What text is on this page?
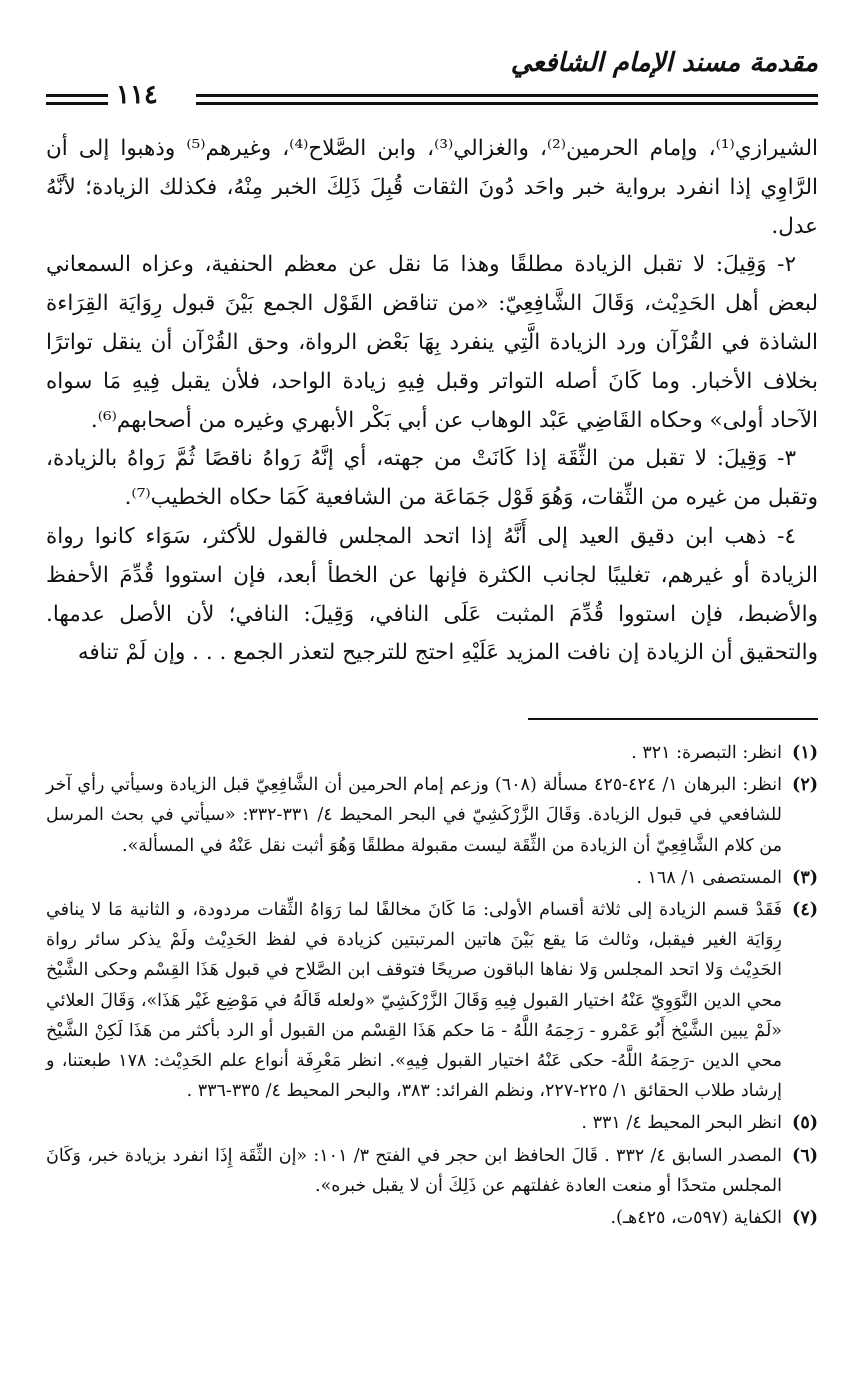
مقدمة مسند الإمام الشافعي
١١٤

الشيرازي⁽¹⁾، وإمام الحرمين⁽²⁾، والغزالي⁽³⁾، وابن الصَّلاح⁽⁴⁾، وغيرهم⁽⁵⁾ وذهبوا إلى أن الرَّاوِي إذا انفرد برواية خبر واحَد دُونَ الثقات قُبِلَ ذَلِكَ الخبر مِنْهُ، فكذلك الزيادة؛ لأنَّهُ عدل.

٢- وَقِيلَ: لا تقبل الزيادة مطلقًا وهذا مَا نقل عن معظم الحنفية، وعزاه السمعاني لبعض أهل الحَدِيْث، وَقَالَ الشَّافِعِيّ: «من تناقض القَوْل الجمع بَيْنَ قبول رِوَايَة القِرَاءة الشاذة في القُرْآن ورد الزيادة الَّتِي ينفرد بِهَا بَعْض الرواة، وحق القُرْآن أن ينقل تواترًا بخلاف الأخبار. وما كَانَ أصله التواتر وقبل فِيهِ زيادة الواحد، فلأن يقبل فِيهِ مَا سواه الآحاد أولى» وحكاه القَاضِي عَبْد الوهاب عن أبي بَكْر الأبهري وغيره من أصحابهم⁽⁶⁾.

٣- وَقِيلَ: لا تقبل من الثِّقَة إذا كَانَتْ من جهته، أي إنَّهُ رَواهُ ناقصًا ثُمَّ رَواهُ بالزيادة، وتقبل من غيره من الثِّقات، وَهُوَ قَوْل جَمَاعَة من الشافعية كَمَا حكاه الخطيب⁽⁷⁾.

٤- ذهب ابن دقيق العيد إلى أَنَّهُ إذا اتحد المجلس فالقول للأكثر، سَوَاء كانوا رواة الزيادة أو غيرهم، تغليبًا لجانب الكثرة فإنها عن الخطأ أبعد، فإن استووا قُدِّمَ الأحفظ والأضبط، فإن استووا قُدِّمَ المثبت عَلَى النافي، وَقِيلَ: النافي؛ لأن الأصل عدمها. والتحقيق أن الزيادة إن نافت المزيد عَلَيْهِ احتج للترجيح لتعذر الجمع . . . وإن لَمْ تنافه

(١)
انظر: التبصرة: ٣٢١ .
(٢)
انظر: البرهان ١/ ٤٢٤-٤٢٥ مسألة (٦٠٨) وزعم إمام الحرمين أن الشَّافِعِيّ قبل الزيادة وسيأتي رأي آخر للشافعي في قبول الزيادة. وَقَالَ الزَّرْكَشِيّ في البحر المحيط ٤/ ٣٣١-٣٣٢: «سيأتي في بحث المرسل من كلام الشَّافِعِيّ أن الزيادة من الثِّقَة ليست مقبولة مطلقًا وَهُوَ أثبت نقل عَنْهُ في المسألة».
(٣)
المستصفى ١/ ١٦٨ .
(٤)
فَقَدْ قسم الزيادة إلى ثلاثة أقسام الأولى: مَا كَانَ مخالفًا لما رَوَاهُ الثِّقات مردودة، و الثانية مَا لا ينافي رِوَايَة الغير فيقبل، وثالث مَا يقع بَيْنَ هاتين المرتبتين كزيادة في لفظ الحَدِيْث ولَمْ يذكر سائر رواة الحَدِيْث وَلا اتحد المجلس وَلا نفاها الباقون صريحًا فتوقف ابن الصَّلاح في قبول هَذَا القِسْم وحكى الشَّيْخ محي الدين النَّوَوِيّ عَنْهُ اختيار القبول فِيهِ وَقَالَ الزَّرْكَشِيّ «ولعله قَالَهُ في مَوْضِع غَيْر هَذَا»، وَقَالَ العلائي «لَمْ يبين الشَّيْخ أَبُو عَمْرو - رَحِمَهُ اللَّهُ - مَا حكم هَذَا القِسْم من القبول أو الرد بأكثر من هَذَا لَكِنْ الشَّيْخ محي الدين -رَحِمَهُ اللَّهُ- حكى عَنْهُ اختيار القبول فِيهِ». انظر مَعْرِفَة أنواع علم الحَدِيْث: ١٧٨ طبعتنا، و إرشاد طلاب الحقائق ١/ ٢٢٥-٢٢٧، ونظم الفرائد: ٣٨٣، والبحر المحيط ٤/ ٣٣٥-٣٣٦ .
(٥)
انظر البحر المحيط ٤/ ٣٣١ .
(٦)
المصدر السابق ٤/ ٣٣٢ . قَالَ الحافظ ابن حجر في الفتح ٣/ ١٠١: «إن الثِّقَة إِذَا انفرد بزيادة خبر، وَكَانَ المجلس متحدًا أو منعت العادة غفلتهم عن ذَلِكَ أن لا يقبل خبره».
(٧)
الكفاية (٥٩٧ت، ٤٢٥هـ).
